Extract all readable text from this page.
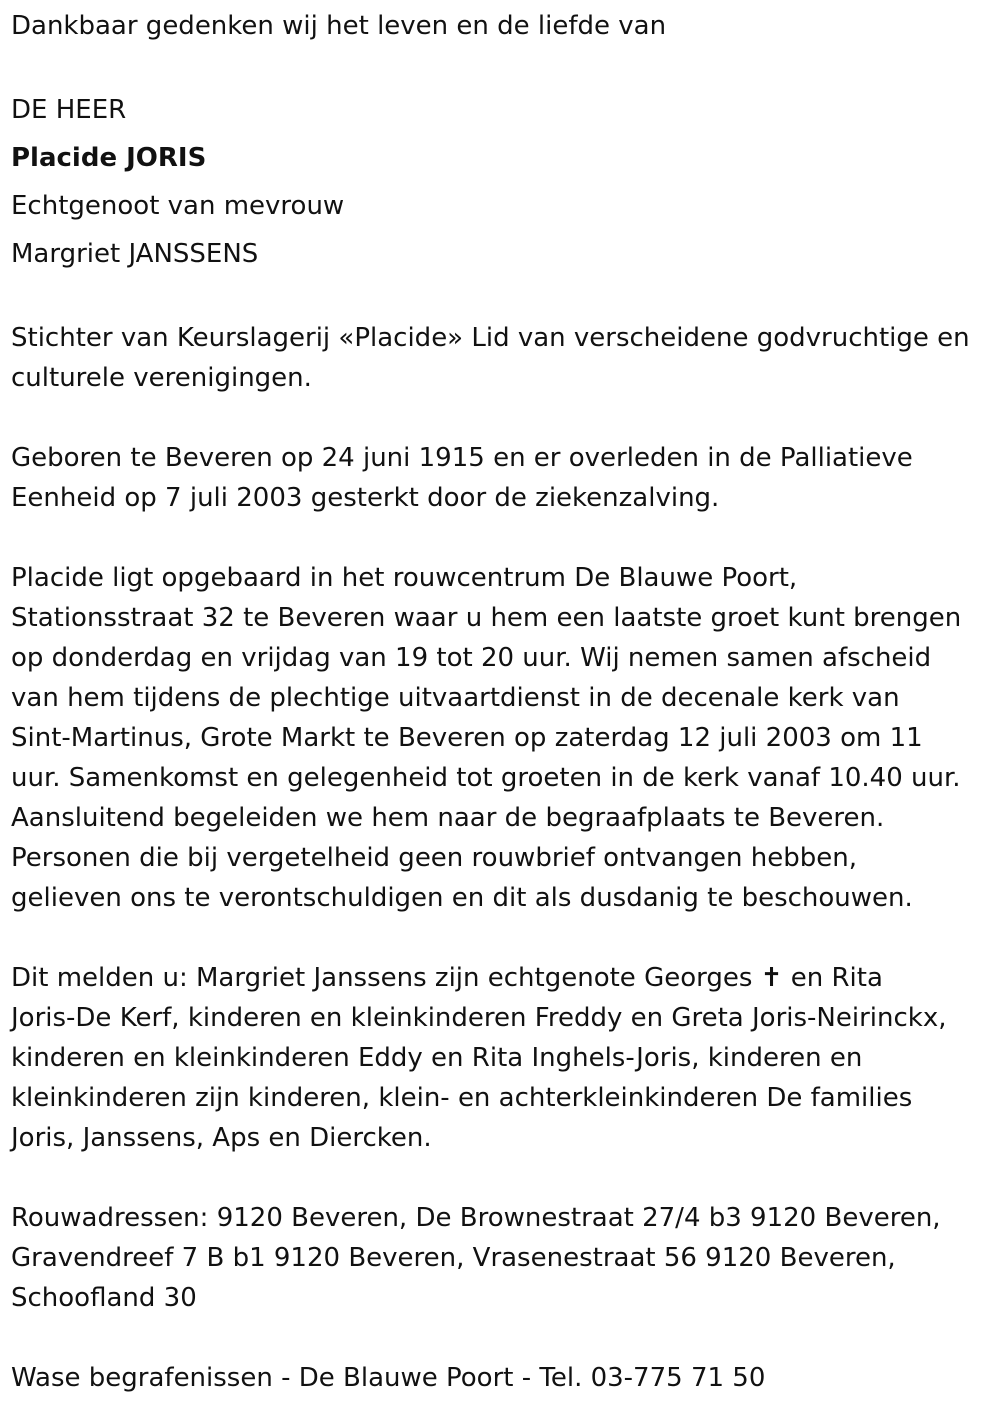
Dankbaar gedenken wij het leven en de liefde van
DE HEER
Placide JORIS
Echtgenoot van mevrouw
Margriet JANSSENS
Stichter van Keurslagerij «Placide» Lid van verscheidene godvruchtige en
culturele verenigingen.
Geboren te Beveren op 24 juni 1915 en er overleden in de Palliatieve
Eenheid op 7 juli 2003 gesterkt door de ziekenzalving.
Placide ligt opgebaard in het rouwcentrum De Blauwe Poort,
Stationsstraat 32 te Beveren waar u hem een laatste groet kunt brengen
op donderdag en vrijdag van 19 tot 20 uur. Wij nemen samen afscheid
van hem tijdens de plechtige uitvaartdienst in de decenale kerk van
Sint-Martinus, Grote Markt te Beveren op zaterdag 12 juli 2003 om 11
uur. Samenkomst en gelegenheid tot groeten in de kerk vanaf 10.40 uur.
Aansluitend begeleiden we hem naar de begraafplaats te Beveren.
Personen die bij vergetelheid geen rouwbrief ontvangen hebben,
gelieven ons te verontschuldigen en dit als dusdanig te beschouwen.
Dit melden u: Margriet Janssens zijn echtgenote Georges ✝ en Rita
Joris-De Kerf, kinderen en kleinkinderen Freddy en Greta Joris-Neirinckx,
kinderen en kleinkinderen Eddy en Rita Inghels-Joris, kinderen en
kleinkinderen zijn kinderen, klein- en achterkleinkinderen De families
Joris, Janssens, Aps en Diercken.
Rouwadressen: 9120 Beveren, De Brownestraat 27/4 b3 9120 Beveren,
Gravendreef 7 B b1 9120 Beveren, Vrasenestraat 56 9120 Beveren,
Schoofland 30
Wase begrafenissen - De Blauwe Poort - Tel. 03-775 71 50
